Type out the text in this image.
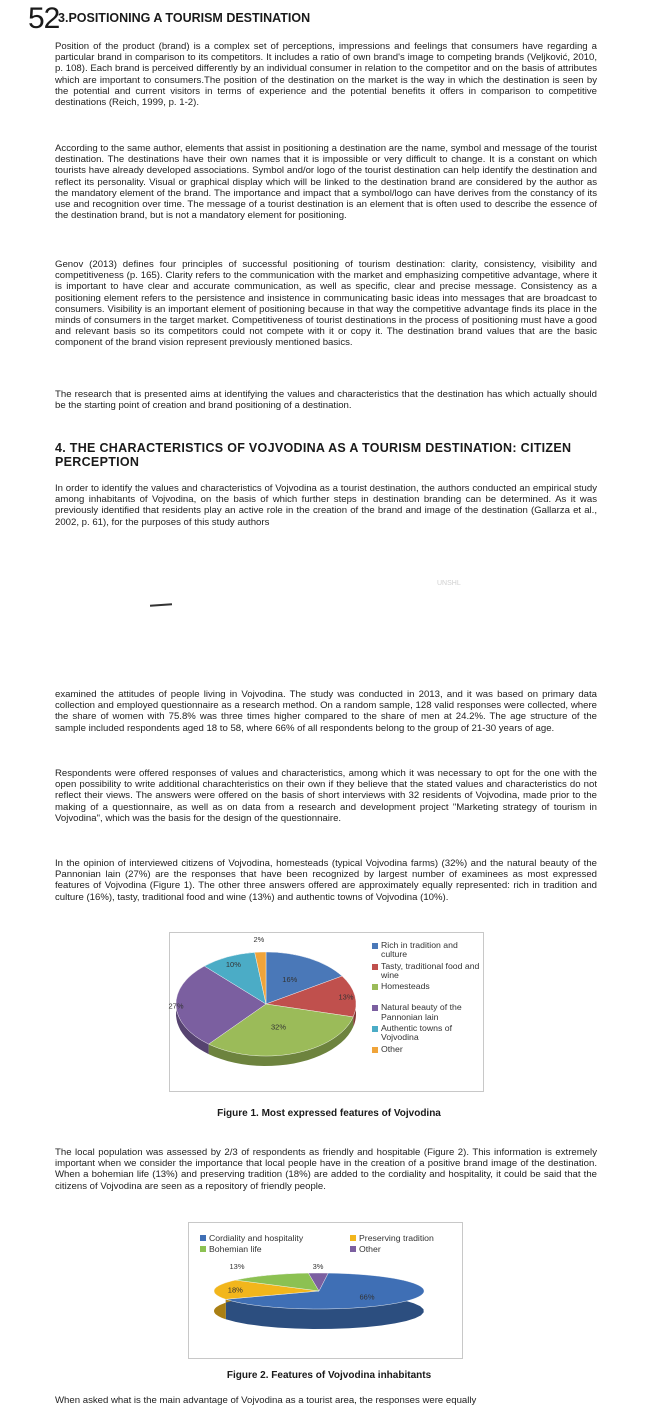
52
3.POSITIONING A TOURISM DESTINATION
Position of the product (brand) is a complex set of perceptions, impressions and feelings that consumers have regarding a particular brand in comparison to its competitors. It includes a ratio of own brand's image to competing brands (Veljković, 2010, p. 108). Each brand is perceived differently by an individual consumer in relation to the competitor and on the basis of attributes which are important to consumers.The position of the destination on the market is the way in which the destination is seen by the potential and current visitors in terms of experience and the potential benefits it offers in comparison to competitive destinations (Reich, 1999, p. 1-2).
According to the same author, elements that assist in positioning a destination are the name, symbol and message of the tourist destination. The destinations have their own names that it is impossible or very difficult to change. It is a constant on which tourists have already developed associations. Symbol and/or logo of the tourist destination can help identify the destination and reflect its personality. Visual or graphical display which will be linked to the destination brand are considered by the author as the mandatory element of the brand. The importance and impact that a symbol/logo can have derives from the constancy of its use and recognition over time. The message of a tourist destination is an element that is often used to describe the essence of the destination brand, but is not a mandatory element for positioning.
Genov (2013) defines four principles of successful positioning of tourism destination: clarity, consistency, visibility and competitiveness (p. 165). Clarity refers to the communication with the market and emphasizing competitive advantage, where it is important to have clear and accurate communication, as well as specific, clear and precise message. Consistency as a positioning element refers to the persistence and insistence in communicating basic ideas into messages that are broadcast to consumers. Visibility is an important element of positioning because in that way the competitive advantage finds its place in the minds of consumers in the target market. Competitiveness of tourist destinations in the process of positioning must have a good and relevant basis so its competitors could not compete with it or copy it. The destination brand values that are the basic component of the brand vision represent previously mentioned basics.
The research that is presented aims at identifying the values and characteristics that the destination has which actually should be the starting point of creation and brand positioning of a destination.
4. THE CHARACTERISTICS OF VOJVODINA AS A TOURISM DESTINATION: CITIZEN PERCEPTION
In order to identify the values and characteristics of Vojvodina as a tourist destination, the authors conducted an empirical study among inhabitants of Vojvodina, on the basis of which further steps in destination branding can be determined. As it was previously identified that residents play an active role in the creation of the brand and image of the destination (Gallarza et al., 2002, p. 61), for the purposes of this study authors
UNSHL
examined the attitudes of people living in Vojvodina. The study was conducted in 2013, and it was based on primary data collection and employed questionnaire as a research method. On a random sample, 128 valid responses were collected, where the share of women with 75.8% was three times higher compared to the share of men at 24.2%. The age structure of the sample included respondents aged 18 to 58, where 66% of all respondents belong to the group of 21-30 years of age.
Respondents were offered responses of values and characteristics, among which it was necessary to opt for the one with the open possibility to write additional charachteristics on their own if they believe that the stated values and characteristics do not reflect their views. The answers were offered on the basis of short interviews with 32 residents of Vojvodina, made prior to the making of a questionnaire, as well as on data from a research and development project "Marketing strategy of tourism in Vojvodina", which was the basis for the design of the questionnaire.
In the opinion of interviewed citizens of Vojvodina, homesteads (typical Vojvodina farms) (32%) and the natural beauty of the Pannonian lain (27%) are the responses that have been recognized by largest number of examinees as most expressed features of Vojvodina (Figure 1). The other three answers offered are approximately equally represented: rich in tradition and culture (16%), tasty, traditional food and wine (13%) and authentic towns of Vojvodina (10%).
16%
13%
32%
27%
10%
2%
Rich in tradition and culture
Tasty, traditional food and wine
Homesteads
Natural beauty of the Pannonian lain
Authentic towns of Vojvodina
Other
Figure 1. Most expressed features of Vojvodina
The local population was assessed by 2/3 of respondents as friendly and hospitable (Figure 2). This information is extremely important when we consider the importance that local people have in the creation of a positive brand image of the destination. When a bohemian life (13%) and preserving tradition (18%) are added to the cordiality and hospitality, it could be said that the citizens of Vojvodina are seen as a repository of friendly people.
Cordiality and hospitality	Preserving tradition
Bohemian life	Other
66%
18%
13%	3%
Figure 2. Features of Vojvodina inhabitants
When asked what is the main advantage of Vojvodina as a tourist area, the responses were equally
